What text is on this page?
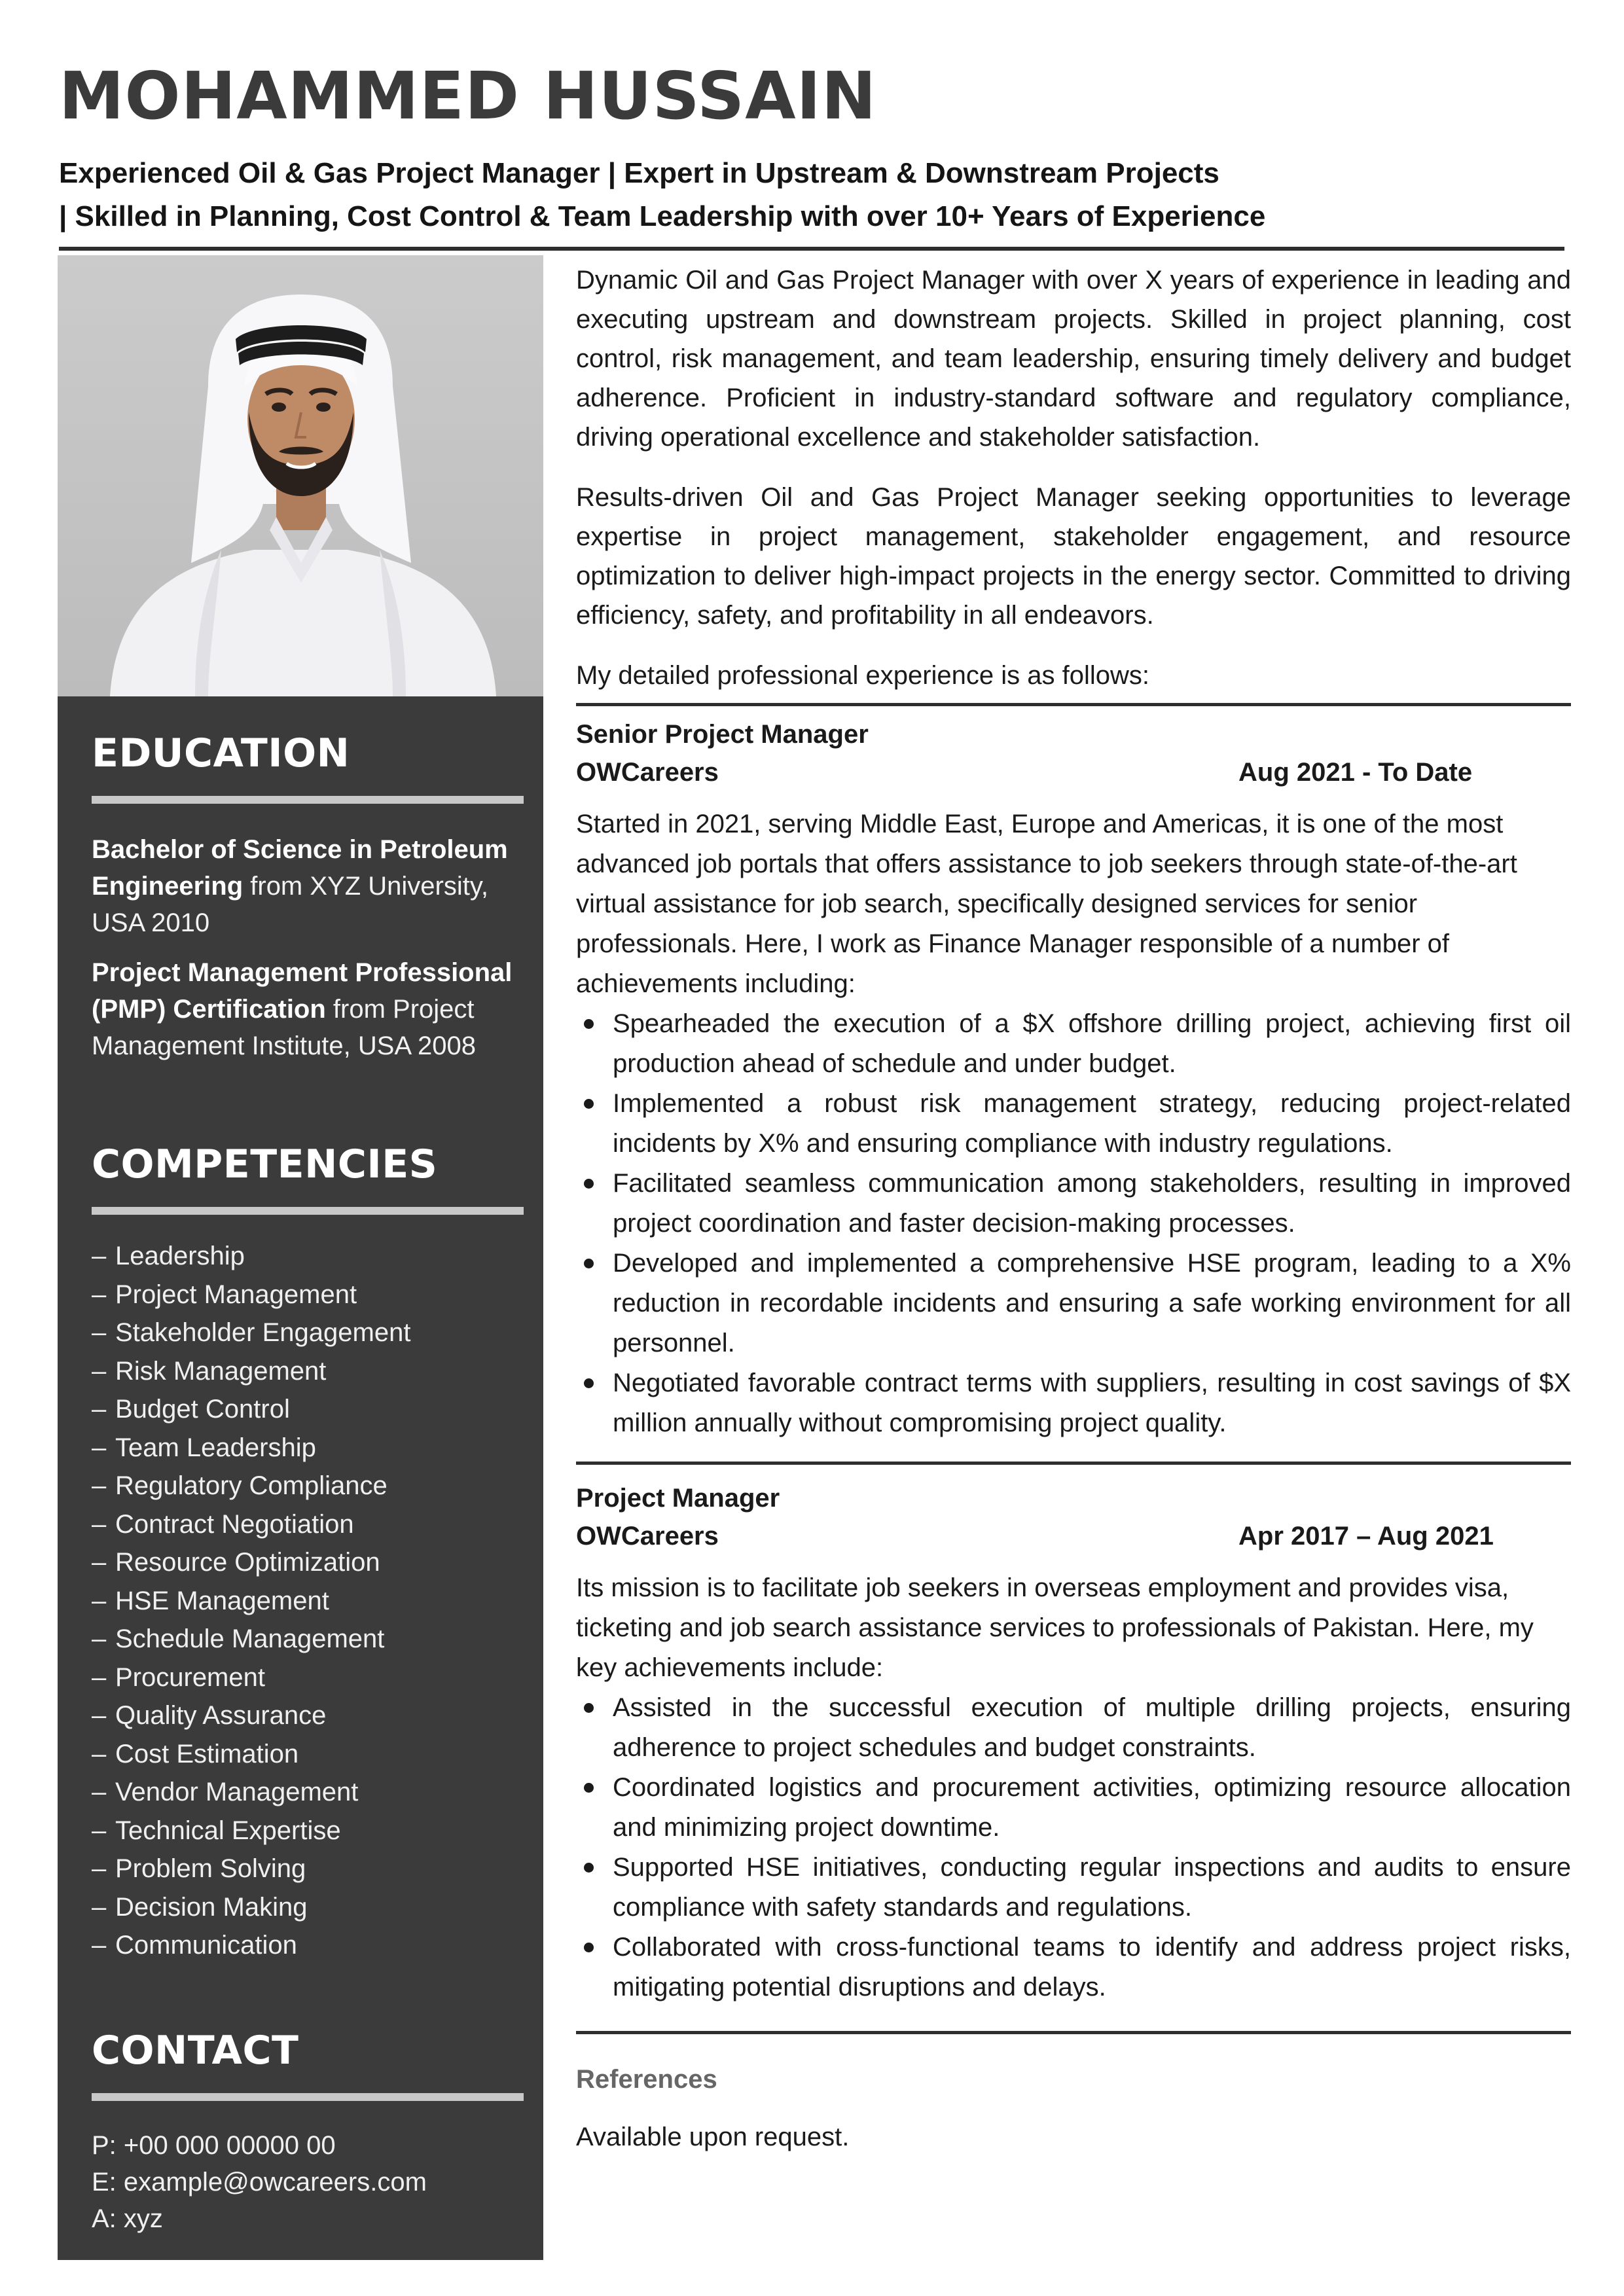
MOHAMMED HUSSAIN
Experienced Oil & Gas Project Manager | Expert in Upstream & Downstream Projects
| Skilled in Planning, Cost Control & Team Leadership with over 10+ Years of Experience
EDUCATION
Bachelor of Science in Petroleum Engineering from XYZ University, USA 2010
Project Management Professional (PMP) Certification from Project Management Institute, USA 2008
COMPETENCIES
– Leadership
– Project Management
– Stakeholder Engagement
– Risk Management
– Budget Control
– Team Leadership
– Regulatory Compliance
– Contract Negotiation
– Resource Optimization
– HSE Management
– Schedule Management
– Procurement
– Quality Assurance
– Cost Estimation
– Vendor Management
– Technical Expertise
– Problem Solving
– Decision Making
– Communication
CONTACT
P: +00 000 00000 00
E: example@owcareers.com
A: xyz

Dynamic Oil and Gas Project Manager with over X years of experience in leading and executing upstream and downstream projects. Skilled in project planning, cost control, risk management, and team leadership, ensuring timely delivery and budget adherence. Proficient in industry-standard software and regulatory compliance, driving operational excellence and stakeholder satisfaction.

Results-driven Oil and Gas Project Manager seeking opportunities to leverage expertise in project management, stakeholder engagement, and resource optimization to deliver high-impact projects in the energy sector. Committed to driving efficiency, safety, and profitability in all endeavors.

My detailed professional experience is as follows:

Senior Project Manager
OWCareers	Aug 2021 - To Date

Started in 2021, serving Middle East, Europe and Americas, it is one of the most advanced job portals that offers assistance to job seekers through state-of-the-art virtual assistance for job search, specifically designed services for senior professionals. Here, I work as Finance Manager responsible of a number of achievements including:

Spearheaded the execution of a $X offshore drilling project, achieving first oil production ahead of schedule and under budget.
Implemented a robust risk management strategy, reducing project-related incidents by X% and ensuring compliance with industry regulations.
Facilitated seamless communication among stakeholders, resulting in improved project coordination and faster decision-making processes.
Developed and implemented a comprehensive HSE program, leading to a X% reduction in recordable incidents and ensuring a safe working environment for all personnel.
Negotiated favorable contract terms with suppliers, resulting in cost savings of $X million annually without compromising project quality.
Project Manager
OWCareers	Apr 2017 – Aug 2021

Its mission is to facilitate job seekers in overseas employment and provides visa, ticketing and job search assistance services to professionals of Pakistan. Here, my key achievements include:

Assisted in the successful execution of multiple drilling projects, ensuring adherence to project schedules and budget constraints.
Coordinated logistics and procurement activities, optimizing resource allocation and minimizing project downtime.
Supported HSE initiatives, conducting regular inspections and audits to ensure compliance with safety standards and regulations.
Collaborated with cross-functional teams to identify and address project risks, mitigating potential disruptions and delays.
References

Available upon request.
